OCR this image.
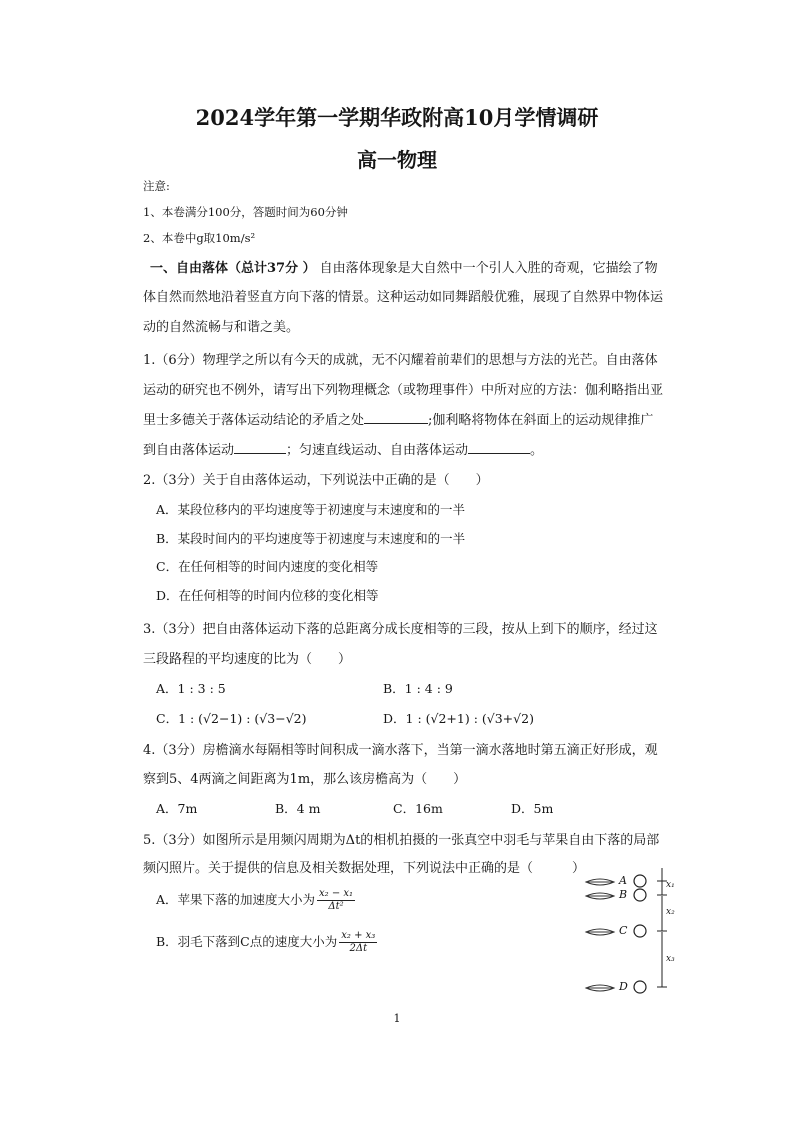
2024学年第一学期华政附高10月学情调研
高一物理
注意:
1、本卷满分100分，答题时间为60分钟
2、本卷中g取10m/s²
一、自由落体（总计37分 ） 自由落体现象是大自然中一个引人入胜的奇观，它描绘了物
体自然而然地沿着竖直方向下落的情景。这种运动如同舞蹈般优雅，展现了自然界中物体运
动的自然流畅与和谐之美。
1.（6分）物理学之所以有今天的成就，无不闪耀着前辈们的思想与方法的光芒。自由落体
运动的研究也不例外，请写出下列物理概念（或物理事件）中所对应的方法：伽利略指出亚
里士多德关于落体运动结论的矛盾之处	;伽利略将物体在斜面上的运动规律推广
到自由落体运动	；匀速直线运动、自由落体运动	。
2.（3分）关于自由落体运动，下列说法中正确的是（　　）
A．某段位移内的平均速度等于初速度与末速度和的一半
B．某段时间内的平均速度等于初速度与末速度和的一半
C．在任何相等的时间内速度的变化相等
D．在任何相等的时间内位移的变化相等
3.（3分）把自由落体运动下落的总距离分成长度相等的三段，按从上到下的顺序，经过这
三段路程的平均速度的比为（　　）
A．1 : 3 : 5	B．1 : 4 : 9
C．1 : (√2−1) : (√3−√2)	D．1 : (√2+1) : (√3+√2)
4.（3分）房檐滴水每隔相等时间积成一滴水落下，当第一滴水落地时第五滴正好形成，观
察到5、4两滴之间距离为1m，那么该房檐高为（　　）
A．7m	B．4 m	C．16m	D．5m
5.（3分）如图所示是用频闪周期为Δt的相机拍摄的一张真空中羽毛与苹果自由下落的局部
频闪照片。关于提供的信息及相关数据处理，下列说法中正确的是（　　　）
A．苹果下落的加速度大小为 $\frac{\text{x₂ − x₁}}{\text{Δt²}}$
B．羽毛下落到C点的速度大小为 $\frac{\text{x₂ + x₃}}{2\Delta t}$
A
B
C
D
x₁
x₂
x₃
1
